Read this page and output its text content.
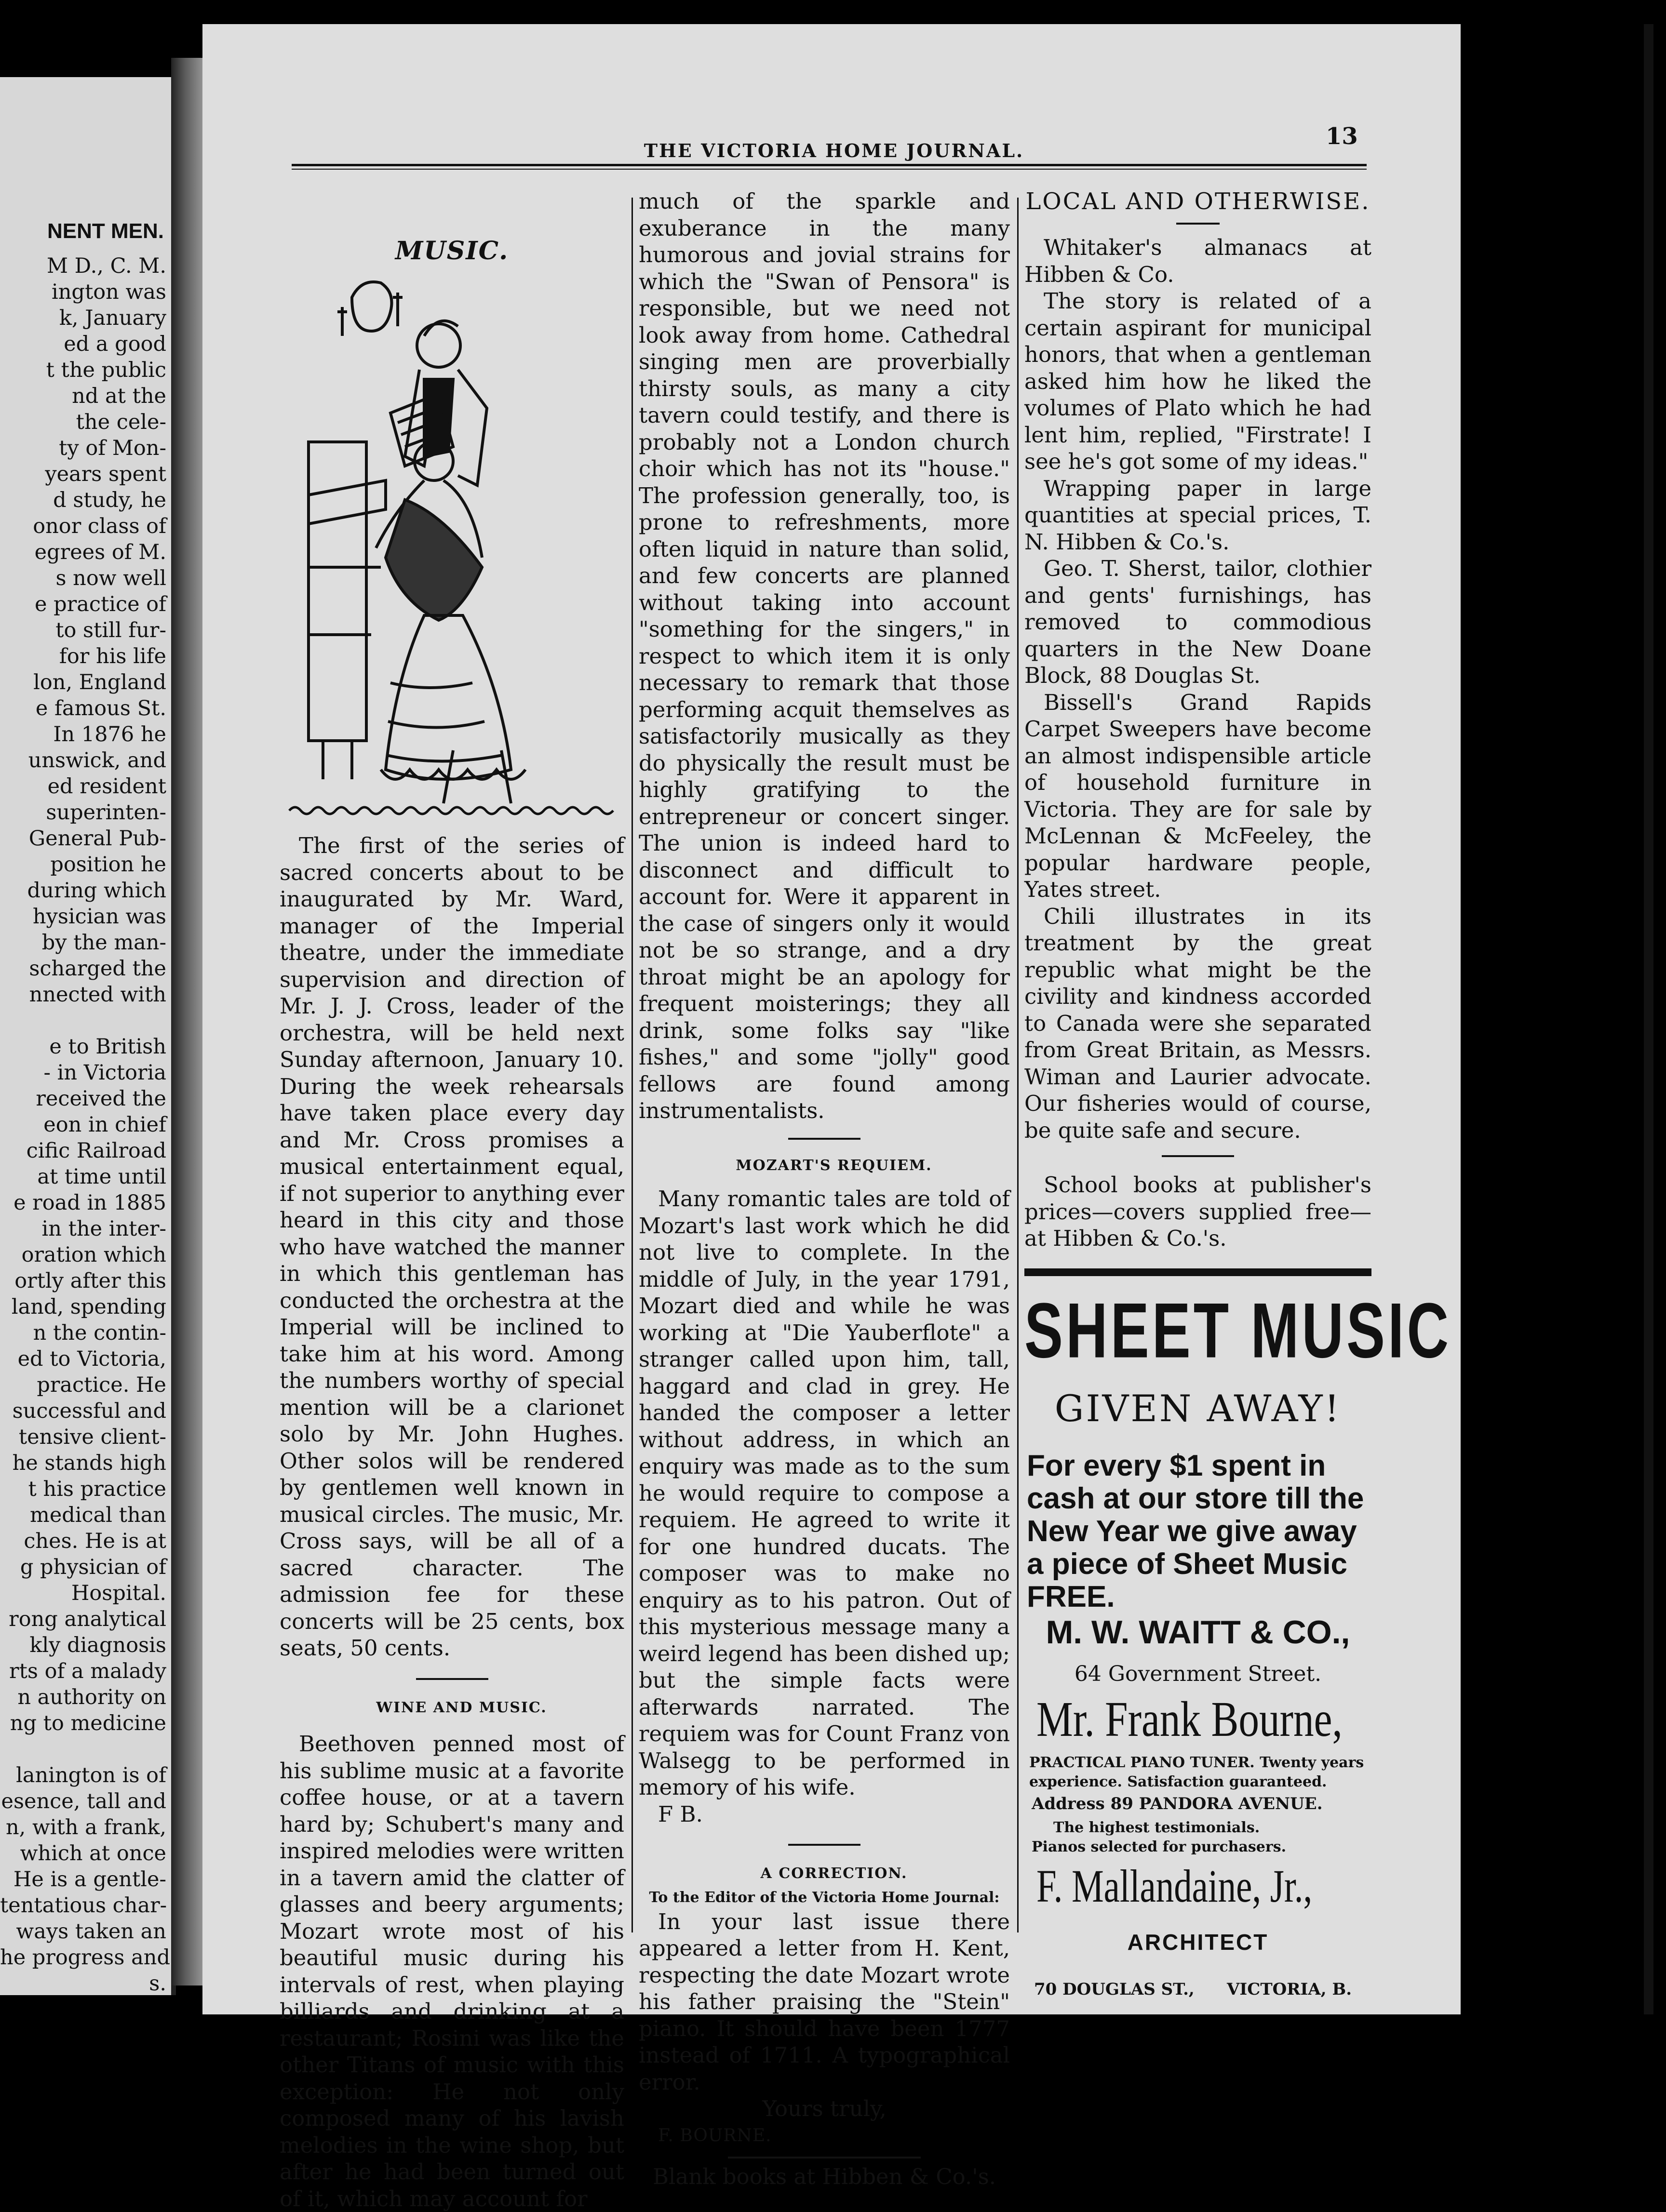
NENT MEN.
M D., C. M.
ington was
k, January
ed a good
t the public
nd at the
the cele-
ty of Mon-
years spent
d study, he
onor class of
egrees of M.
s now well
e practice of
to still fur-
for his life
lon, England
e famous St.
In 1876 he
unswick, and
ed resident
superinten-
General Pub-
position he
during which
hysician was
by the man-
scharged the
nnected with
e to British
- in Victoria
received the
eon in chief
cific Railroad
at time until
e road in 1885
in the inter-
oration which
ortly after this
land, spending
n the contin-
ed to Victoria,
practice. He
successful and
tensive client-
he stands high
t his practice
medical than
ches. He is at
g physician of
Hospital.
rong analytical
kly diagnosis
rts of a malady
n authority on
ng to medicine
lanington is of
esence, tall and
n, with a frank,
which at once
He is a gentle-
tentatious char-
ways taken an
he progress and
s.
THE VICTORIA HOME JOURNAL.
13
MUSIC.

The first of the series of sacred concerts about to be inaugurated by Mr. Ward, manager of the Imperial theatre, under the immediate supervision and direction of Mr. J. J. Cross, leader of the orchestra, will be held next Sunday afternoon, January 10. During the week rehearsals have taken place every day and Mr. Cross promises a musical entertainment equal, if not superior to anything ever heard in this city and those who have watched the manner in which this gentleman has conducted the orchestra at the Imperial will be inclined to take him at his word. Among the numbers worthy of special mention will be a clarionet solo by Mr. John Hughes. Other solos will be rendered by gentlemen well known in musical circles. The music, Mr. Cross says, will be all of a sacred character. The admission fee for these concerts will be 25 cents, box seats, 50 cents.

WINE AND MUSIC.

Beethoven penned most of his sublime music at a favorite coffee house, or at a tavern hard by; Schubert's many and inspired melodies were written in a tavern amid the clatter of glasses and beery arguments; Mozart wrote most of his beautiful music during his intervals of rest, when playing billiards and drinking at a restaurant; Rosini was like the other Titans of music with this exception: He not only composed many of his lavish melodies in the wine shop, but after he had been turned out of it, which may account for

much of the sparkle and exuberance in the many humorous and jovial strains for which the "Swan of Pensora" is responsible, but we need not look away from home. Cathedral singing men are proverbially thirsty souls, as many a city tavern could testify, and there is probably not a London church choir which has not its "house." The profession generally, too, is prone to refreshments, more often liquid in nature than solid, and few concerts are planned without taking into account "something for the singers," in respect to which item it is only necessary to remark that those performing acquit themselves as satisfactorily musically as they do physically the result must be highly gratifying to the entrepreneur or concert singer. The union is indeed hard to disconnect and difficult to account for. Were it apparent in the case of singers only it would not be so strange, and a dry throat might be an apology for frequent moisterings; they all drink, some folks say "like fishes," and some "jolly" good fellows are found among instrumentalists.

MOZART'S REQUIEM.

Many romantic tales are told of Mozart's last work which he did not live to complete. In the middle of July, in the year 1791, Mozart died and while he was working at "Die Yauberflote" a stranger called upon him, tall, haggard and clad in grey. He handed the composer a letter without address, in which an enquiry was made as to the sum he would require to compose a requiem. He agreed to write it for one hundred ducats. The composer was to make no enquiry as to his patron. Out of this mysterious message many a weird legend has been dished up; but the simple facts were afterwards narrated. The requiem was for Count Franz von Walsegg to be performed in memory of his wife.

F B.

A CORRECTION.

To the Editor of the Victoria Home Journal:

In your last issue there appeared a letter from H. Kent, respecting the date Mozart wrote his father praising the "Stein" piano. It should have been 1777 instead of 1711. A typographical error.

Yours truly,

F. BOURNE.

Blank books at Hibben & Co.'s.

LOCAL AND OTHERWISE.

Whitaker's almanacs at Hibben & Co.

The story is related of a certain aspirant for municipal honors, that when a gentleman asked him how he liked the volumes of Plato which he had lent him, replied, "Firstrate! I see he's got some of my ideas."

Wrapping paper in large quantities at special prices, T. N. Hibben & Co.'s.

Geo. T. Sherst, tailor, clothier and gents' furnishings, has removed to commodious quarters in the New Doane Block, 88 Douglas St.

Bissell's Grand Rapids Carpet Sweepers have become an almost indispensible article of household furniture in Victoria. They are for sale by McLennan & McFeeley, the popular hardware people, Yates street.

Chili illustrates in its treatment by the great republic what might be the civility and kindness accorded to Canada were she separated from Great Britain, as Messrs. Wiman and Laurier advocate. Our fisheries would of course, be quite safe and secure.

School books at publisher's prices—covers supplied free—at Hibben & Co.'s.

SHEET MUSIC
GIVEN AWAY!
For every $1 spent in cash at our store till the New Year we give away a piece of Sheet Music FREE.
M. W. WAITT & CO.,
64 Government Street.
Mr. Frank Bourne,
PRACTICAL PIANO TUNER. Twenty years experience. Satisfaction guaranteed.
Address 89 PANDORA AVENUE.
The highest testimonials.
Pianos selected for purchasers.
F. Mallandaine, Jr.,
ARCHITECT
70 DOUGLAS ST., VICTORIA, B.
